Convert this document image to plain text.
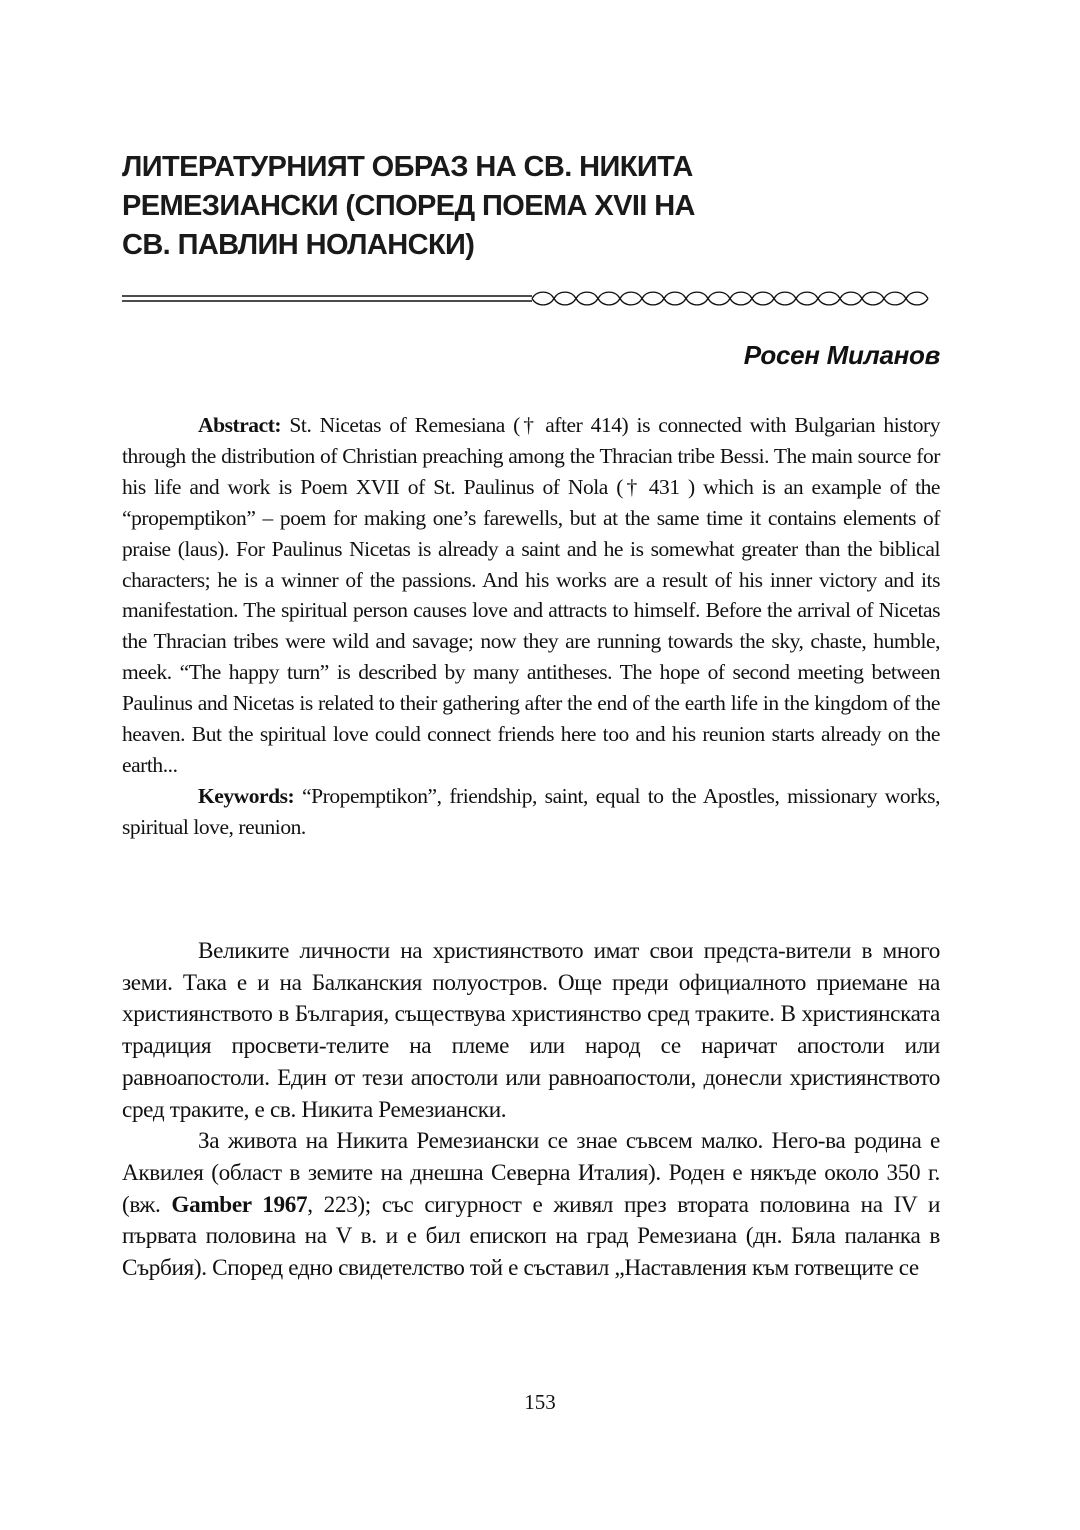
ЛИТЕРАТУРНИЯТ ОБРАЗ НА СВ. НИКИТА
РЕМЕЗИАНСКИ (СПОРЕД ПОЕМА XVII НА
СВ. ПАВЛИН НОЛАНСКИ)
Росен Миланов

Abstract: St. Nicetas of Remesiana († after 414) is connected with Bulgarian history through the distribution of Christian preaching among the Thracian tribe Bessi. The main source for his life and work is Poem XVII of St. Paulinus of Nola († 431 ) which is an example of the “propemptikon” – poem for making one’s farewells, but at the same time it contains elements of praise (laus). For Paulinus Nicetas is already a saint and he is somewhat greater than the biblical characters; he is a winner of the passions. And his works are a result of his inner victory and its manifestation. The spiritual person causes love and attracts to himself. Before the arrival of Nicetas the Thracian tribes were wild and savage; now they are running towards the sky, chaste, humble, meek. “The happy turn” is described by many antitheses. The hope of second meeting between Paulinus and Nicetas is related to their gathering after the end of the earth life in the kingdom of the heaven. But the spiritual love could connect friends here too and his reunion starts already on the earth...

Keywords: “Propemptikon”, friendship, saint, equal to the Apostles, missionary works, spiritual love, reunion.

Великите личности на християнството имат свои предста-вители в много земи. Така е и на Балканския полуостров. Още преди официалното приемане на християнството в България, съществува християнство сред траките. В християнската традиция просвети-телите на племе или народ се наричат апостоли или равноапостоли. Един от тези апостоли или равноапостоли, донесли християнството сред траките, е св. Никита Ремезиански.

За живота на Никита Ремезиански се знае съвсем малко. Него-ва родина е Аквилея (област в земите на днешна Северна Италия). Роден е някъде около 350 г. (вж. Gamber 1967, 223); със сигурност е живял през втората половина на IV и първата половина на V в. и е бил епископ на град Ремезиана (дн. Бяла паланка в Сърбия). Според едно свидетелство той е съставил „Наставления към готвещите се

153
